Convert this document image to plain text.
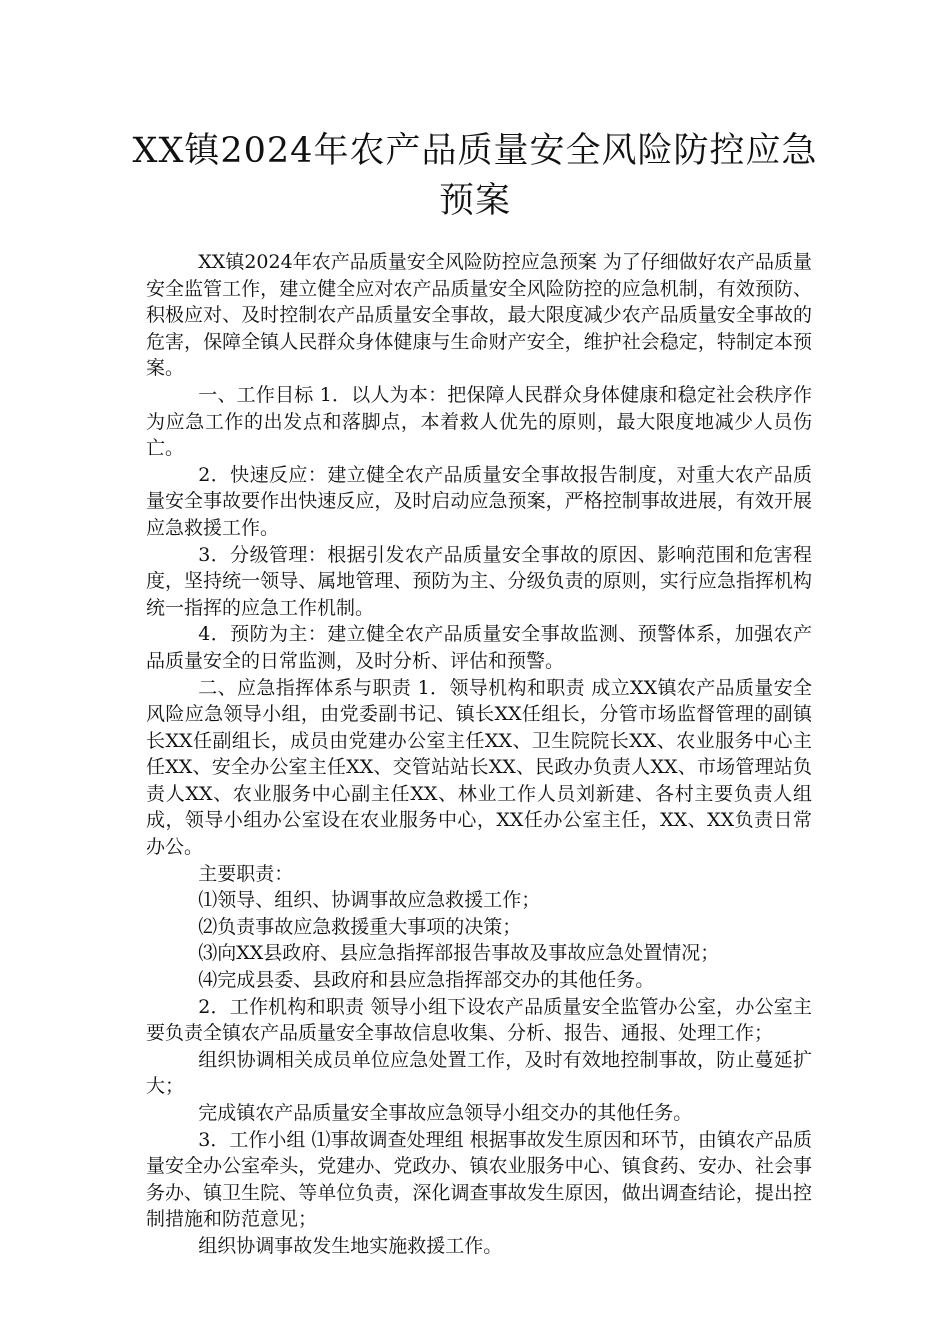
XX镇2024年农产品质量安全风险防控应急
预案

XX镇2024年农产品质量安全风险防控应急预案 为了仔细做好农产品质量安全监管工作，建立健全应对农产品质量安全风险防控的应急机制，有效预防、积极应对、及时控制农产品质量安全事故，最大限度减少农产品质量安全事故的危害，保障全镇人民群众身体健康与生命财产安全，维护社会稳定，特制定本预案。

一、工作目标 1．以人为本：把保障人民群众身体健康和稳定社会秩序作为应急工作的出发点和落脚点，本着救人优先的原则，最大限度地减少人员伤亡。

2．快速反应：建立健全农产品质量安全事故报告制度，对重大农产品质量安全事故要作出快速反应，及时启动应急预案，严格控制事故进展，有效开展应急救援工作。

3．分级管理：根据引发农产品质量安全事故的原因、影响范围和危害程度，坚持统一领导、属地管理、预防为主、分级负责的原则，实行应急指挥机构统一指挥的应急工作机制。

4．预防为主：建立健全农产品质量安全事故监测、预警体系，加强农产品质量安全的日常监测，及时分析、评估和预警。

二、应急指挥体系与职责 1．领导机构和职责 成立XX镇农产品质量安全风险应急领导小组，由党委副书记、镇长XX任组长，分管市场监督管理的副镇长XX任副组长，成员由党建办公室主任XX、卫生院院长XX、农业服务中心主任XX、安全办公室主任XX、交管站站长XX、民政办负责人XX、市场管理站负责人XX、农业服务中心副主任XX、林业工作人员刘新建、各村主要负责人组成，领导小组办公室设在农业服务中心，XX任办公室主任，XX、XX负责日常办公。

主要职责：

⑴领导、组织、协调事故应急救援工作；

⑵负责事故应急救援重大事项的决策；

⑶向XX县政府、县应急指挥部报告事故及事故应急处置情况；

⑷完成县委、县政府和县应急指挥部交办的其他任务。

2．工作机构和职责 领导小组下设农产品质量安全监管办公室，办公室主要负责全镇农产品质量安全事故信息收集、分析、报告、通报、处理工作；

组织协调相关成员单位应急处置工作，及时有效地控制事故，防止蔓延扩大；

完成镇农产品质量安全事故应急领导小组交办的其他任务。

3．工作小组 ⑴事故调查处理组 根据事故发生原因和环节，由镇农产品质量安全办公室牵头，党建办、党政办、镇农业服务中心、镇食药、安办、社会事务办、镇卫生院、等单位负责，深化调查事故发生原因，做出调查结论，提出控制措施和防范意见；

组织协调事故发生地实施救援工作。
